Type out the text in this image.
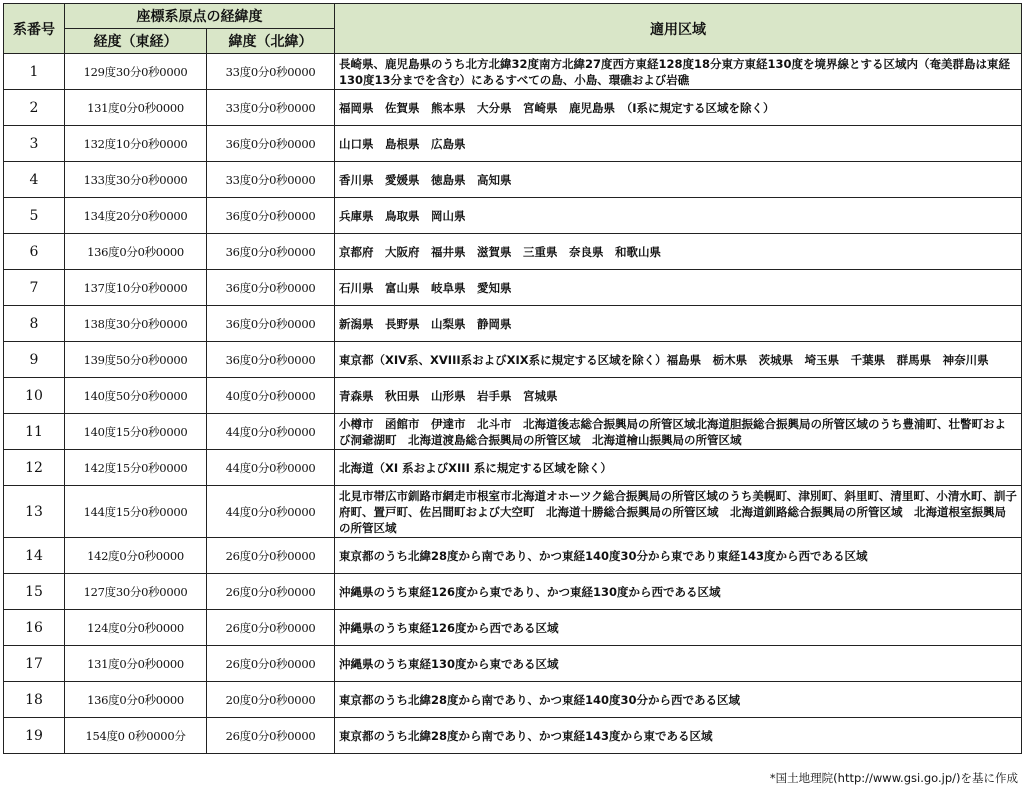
系番号	座標系原点の経緯度		適用区域
	経度（東経）	緯度（北緯）	
1	129度30分0秒0000	33度0分0秒0000	長崎県、鹿児島県のうち北方北緯32度南方北緯27度西方東経128度18分東方東経130度を境界線とする区域内（奄美群島は東経130度13分までを含む）にあるすべての島、小島、環礁および岩礁
2	131度0分0秒0000	33度0分0秒0000	福岡県　佐賀県　熊本県　大分県　宮崎県　鹿児島県　（I系に規定する区域を除く）
3	132度10分0秒0000	36度0分0秒0000	山口県　島根県　広島県
4	133度30分0秒0000	33度0分0秒0000	香川県　愛媛県　徳島県　高知県
5	134度20分0秒0000	36度0分0秒0000	兵庫県　鳥取県　岡山県
6	136度0分0秒0000	36度0分0秒0000	京都府　大阪府　福井県　滋賀県　三重県　奈良県　和歌山県
7	137度10分0秒0000	36度0分0秒0000	石川県　富山県　岐阜県　愛知県
8	138度30分0秒0000	36度0分0秒0000	新潟県　長野県　山梨県　静岡県
9	139度50分0秒0000	36度0分0秒0000	東京都（XIV系、XVIII系およびXIX系に規定する区域を除く）福島県　栃木県　茨城県　埼玉県　千葉県　群馬県　神奈川県
10	140度50分0秒0000	40度0分0秒0000	青森県　秋田県　山形県　岩手県　宮城県
11	140度15分0秒0000	44度0分0秒0000	小樽市　函館市　伊達市　北斗市　北海道後志総合振興局の所管区域北海道胆振総合振興局の所管区域のうち豊浦町、壮瞥町および洞爺湖町　北海道渡島総合振興局の所管区域　北海道檜山振興局の所管区域
12	142度15分0秒0000	44度0分0秒0000	北海道（XI 系およびXIII 系に規定する区域を除く）
13	144度15分0秒0000	44度0分0秒0000	北見市帯広市釧路市網走市根室市北海道オホーツク総合振興局の所管区域のうち美幌町、津別町、斜里町、清里町、小清水町、訓子府町、置戸町、佐呂間町および大空町　北海道十勝総合振興局の所管区域　北海道釧路総合振興局の所管区域　北海道根室振興局の所管区域
14	142度0分0秒0000	26度0分0秒0000	東京都のうち北緯28度から南であり、かつ東経140度30分から東であり東経143度から西である区域
15	127度30分0秒0000	26度0分0秒0000	沖縄県のうち東経126度から東であり、かつ東経130度から西である区域
16	124度0分0秒0000	26度0分0秒0000	沖縄県のうち東経126度から西である区域
17	131度0分0秒0000	26度0分0秒0000	沖縄県のうち東経130度から東である区域
18	136度0分0秒0000	20度0分0秒0000	東京都のうち北緯28度から南であり、かつ東経140度30分から西である区域
19	154度0 0秒0000分	26度0分0秒0000	東京都のうち北緯28度から南であり、かつ東経143度から東である区域
*国土地理院(http://www.gsi.go.jp/)を基に作成
